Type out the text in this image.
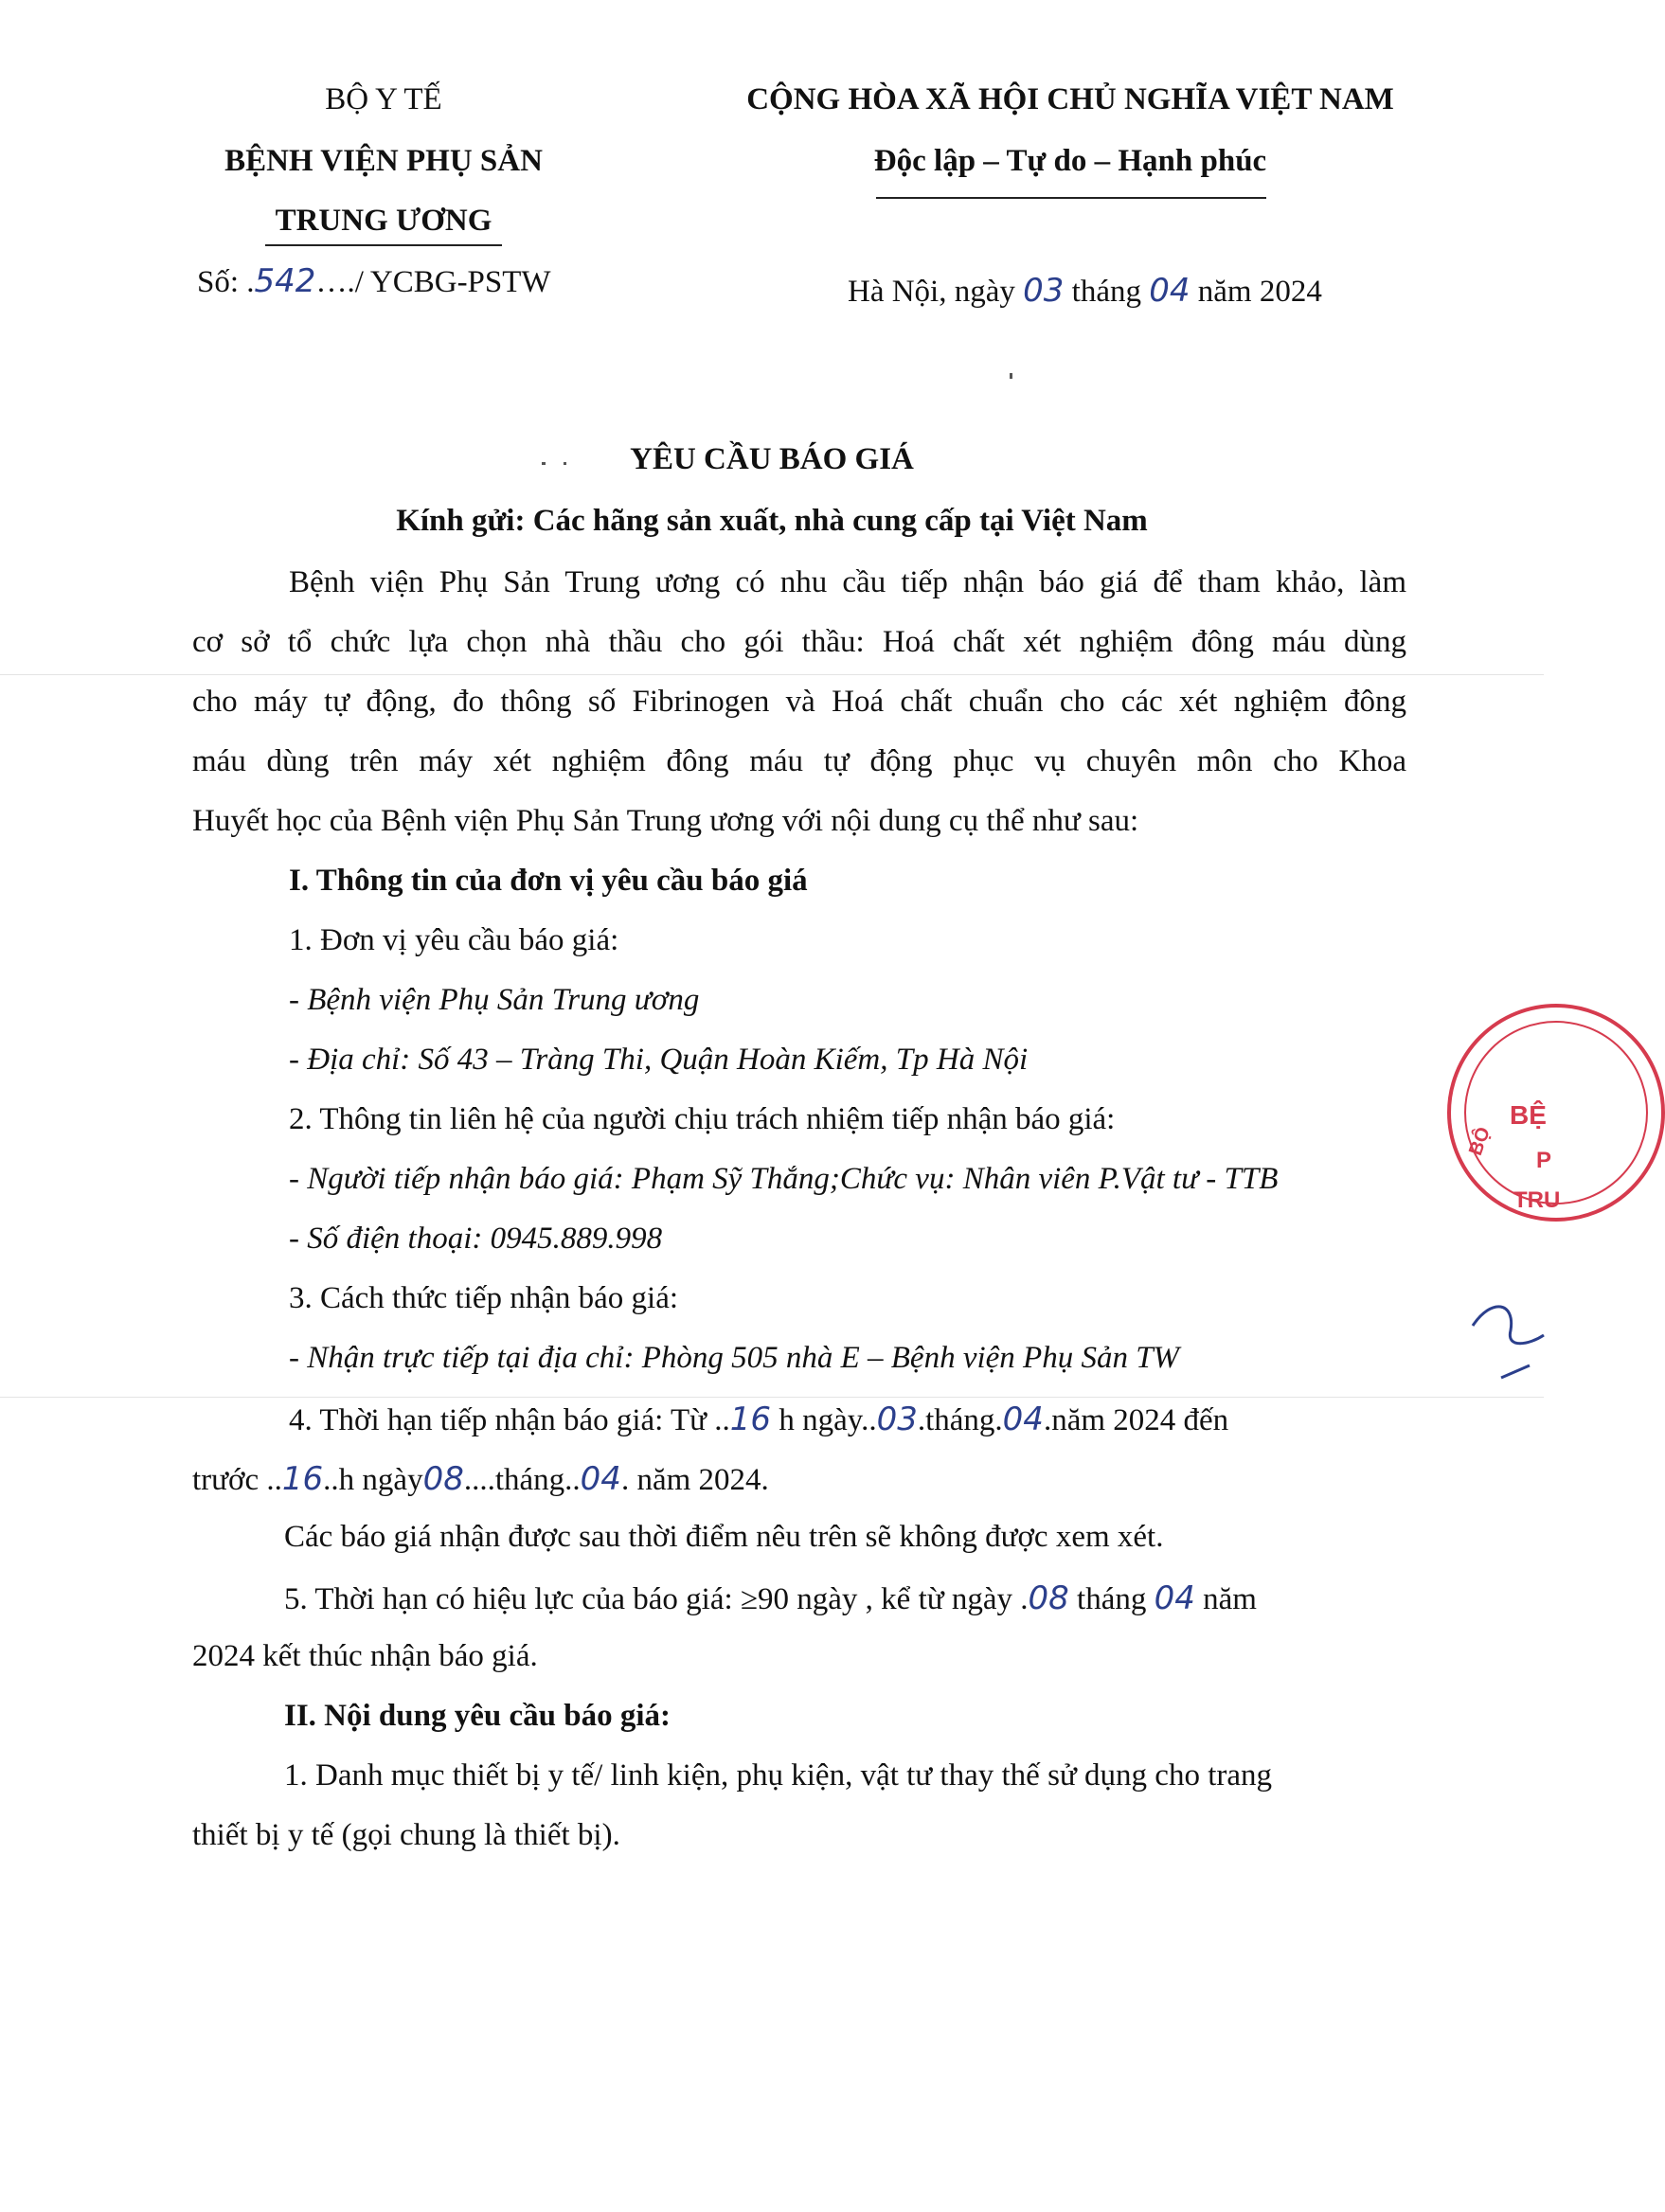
BỘ Y TẾ
BỆNH VIỆN PHỤ SẢN
TRUNG ƯƠNG
Số: .542…./ YCBG-PSTW
CỘNG HÒA XÃ HỘI CHỦ NGHĨA VIỆT NAM
Độc lập – Tự do – Hạnh phúc
Hà Nội, ngày 03 tháng 04 năm 2024
YÊU CẦU BÁO GIÁ
Kính gửi: Các hãng sản xuất, nhà cung cấp tại Việt Nam
Bệnh viện Phụ Sản Trung ương có nhu cầu tiếp nhận báo giá để tham khảo, làm
cơ sở tổ chức lựa chọn nhà thầu cho gói thầu: Hoá chất xét nghiệm đông máu dùng
cho máy tự động, đo thông số Fibrinogen và Hoá chất chuẩn cho các xét nghiệm đông
máu dùng trên máy xét nghiệm đông máu tự động phục vụ chuyên môn cho Khoa
Huyết học của Bệnh viện Phụ Sản Trung ương với nội dung cụ thể như sau:
I. Thông tin của đơn vị yêu cầu báo giá
1. Đơn vị yêu cầu báo giá:
- Bệnh viện Phụ Sản Trung ương
- Địa chỉ: Số 43 – Tràng Thi, Quận Hoàn Kiếm, Tp Hà Nội
2. Thông tin liên hệ của người chịu trách nhiệm tiếp nhận báo giá:
- Người tiếp nhận báo giá: Phạm Sỹ Thắng;Chức vụ: Nhân viên P.Vật tư - TTB
- Số điện thoại: 0945.889.998
3. Cách thức tiếp nhận báo giá:
- Nhận trực tiếp tại địa chỉ: Phòng 505 nhà E – Bệnh viện Phụ Sản TW
4. Thời hạn tiếp nhận báo giá: Từ ..16 h ngày..03.tháng.04.năm 2024 đến
trước ..16..h ngày08....tháng..04. năm 2024.
Các báo giá nhận được sau thời điểm nêu trên sẽ không được xem xét.
5. Thời hạn có hiệu lực của báo giá: ≥90 ngày , kể từ ngày .08 tháng 04 năm
2024 kết thúc nhận báo giá.
II. Nội dung yêu cầu báo giá:
1. Danh mục thiết bị y tế/ linh kiện, phụ kiện, vật tư thay thế sử dụng cho trang
thiết bị y tế (gọi chung là thiết bị).
BỆ
P
TRU
BỘ
